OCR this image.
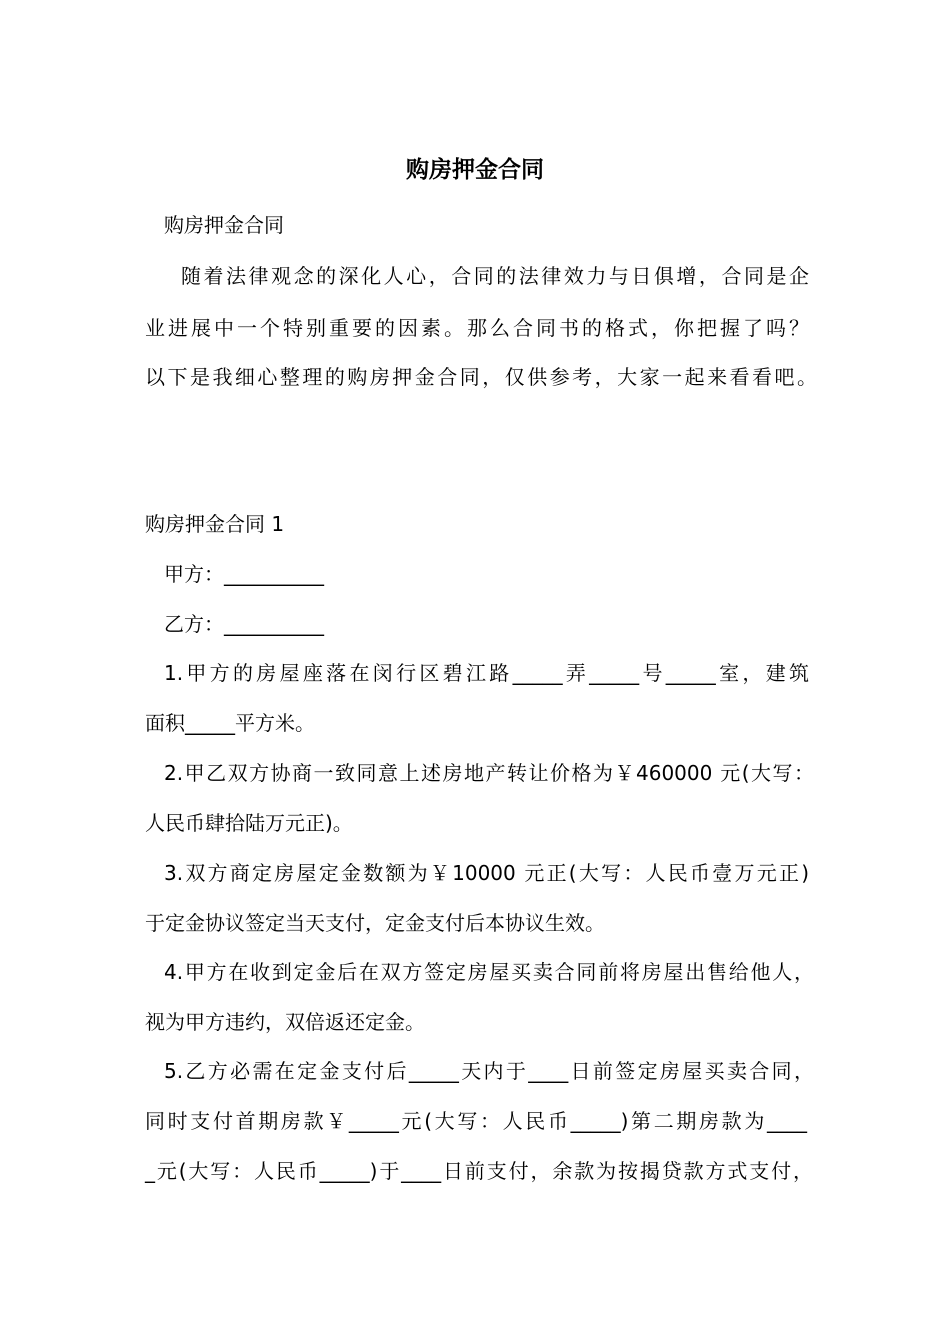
购房押金合同
购房押金合同
随着法律观念的深化人心，合同的法律效力与日俱增，合同是企
业进展中一个特别重要的因素。那么合同书的格式，你把握了吗？
以下是我细心整理的购房押金合同，仅供参考，大家一起来看看吧。
购房押金合同 1
甲方：__________
乙方：__________
1.甲方的房屋座落在闵行区碧江路_____弄_____号_____室，建筑
面积_____平方米。
2.甲乙双方协商一致同意上述房地产转让价格为￥460000 元(大写：
人民币肆拾陆万元正)。
3.双方商定房屋定金数额为￥10000 元正(大写：人民币壹万元正)
于定金协议签定当天支付，定金支付后本协议生效。
4.甲方在收到定金后在双方签定房屋买卖合同前将房屋出售给他人，
视为甲方违约，双倍返还定金。
5.乙方必需在定金支付后_____天内于____日前签定房屋买卖合同，
同时支付首期房款￥_____元(大写：人民币_____)第二期房款为____
_元(大写：人民币_____)于____日前支付，余款为按揭贷款方式支付，
